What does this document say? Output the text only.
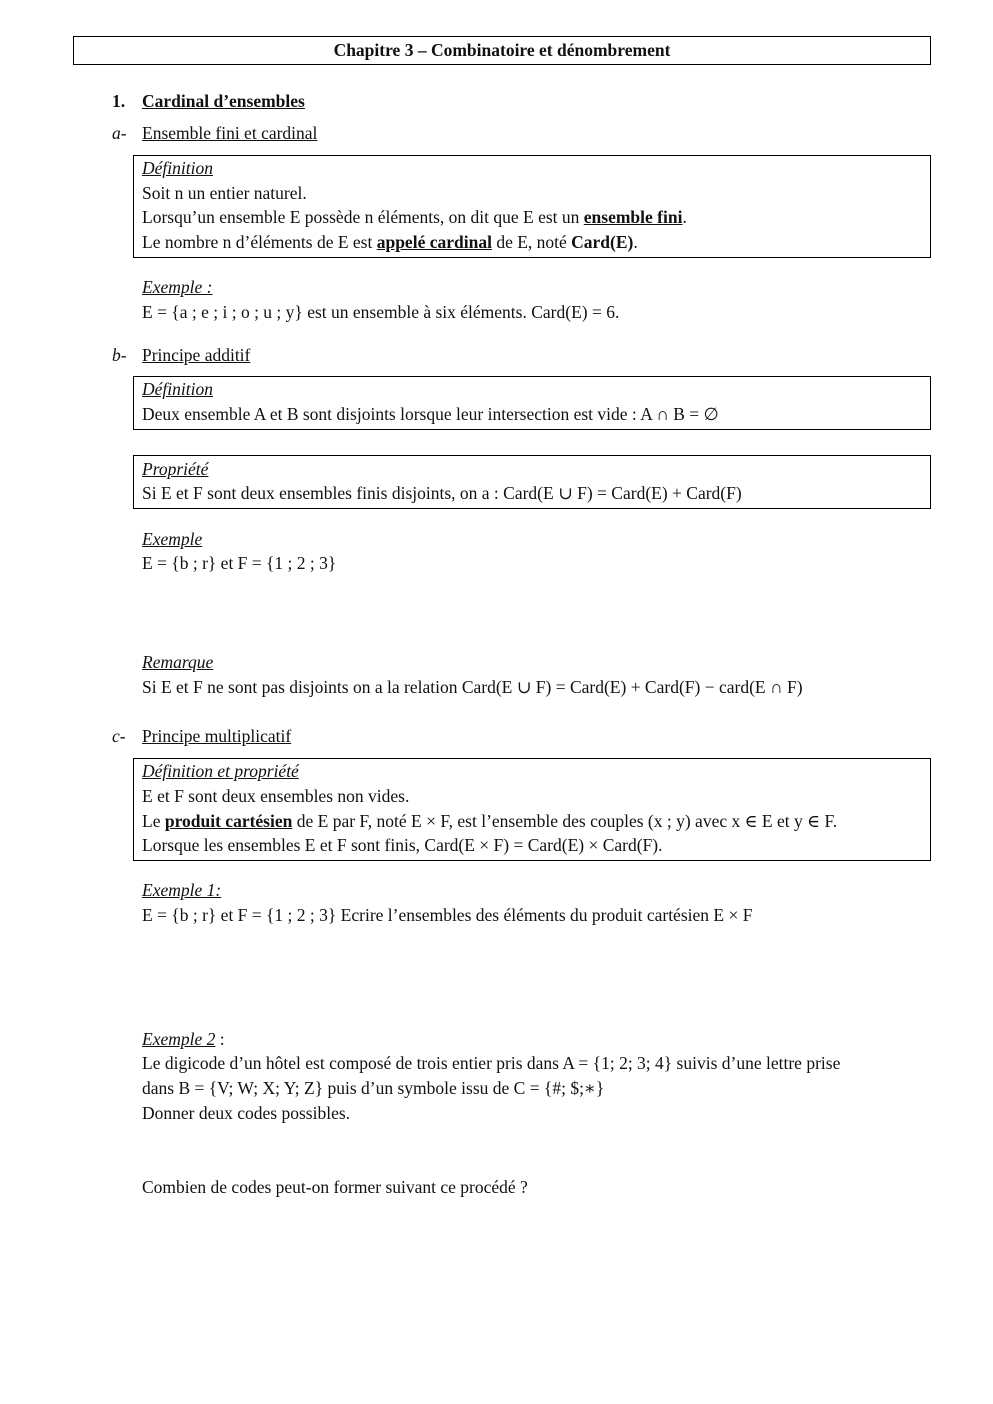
Chapitre 3 – Combinatoire et dénombrement
1. Cardinal d’ensembles
a- Ensemble fini et cardinal
Définition
Soit n un entier naturel.
Lorsqu’un ensemble E possède n éléments, on dit que E est un ensemble fini.
Le nombre n d’éléments de E est appelé cardinal de E, noté Card(E).
Exemple :
E = {a ; e ; i ; o ; u ; y} est un ensemble à six éléments. Card(E) = 6.
b- Principe additif
Définition
Deux ensemble A et B sont disjoints lorsque leur intersection est vide : A ∩ B = ∅
Propriété
Si E et F sont deux ensembles finis disjoints, on a : Card(E ∪ F) = Card(E) + Card(F)
Exemple
E = {b ; r} et F = {1 ; 2 ; 3}
Remarque
Si E et F ne sont pas disjoints on a la relation Card(E ∪ F) = Card(E) + Card(F) − card(E ∩ F)
c- Principe multiplicatif
Définition et propriété
E et F sont deux ensembles non vides.
Le produit cartésien de E par F, noté E × F, est l’ensemble des couples (x ; y) avec x ∈ E et y ∈ F.
Lorsque les ensembles E et F sont finis, Card(E × F) = Card(E) × Card(F).
Exemple 1:
E = {b ; r} et F = {1 ; 2 ; 3} Ecrire l’ensembles des éléments du produit cartésien E × F
Exemple 2 :
Le digicode d’un hôtel est composé de trois entier pris dans A = {1; 2; 3; 4} suivis d’une lettre prise
dans B = {V; W; X; Y; Z} puis d’un symbole issu de C = {#; $;∗}
Donner deux codes possibles.
Combien de codes peut-on former suivant ce procédé ?
